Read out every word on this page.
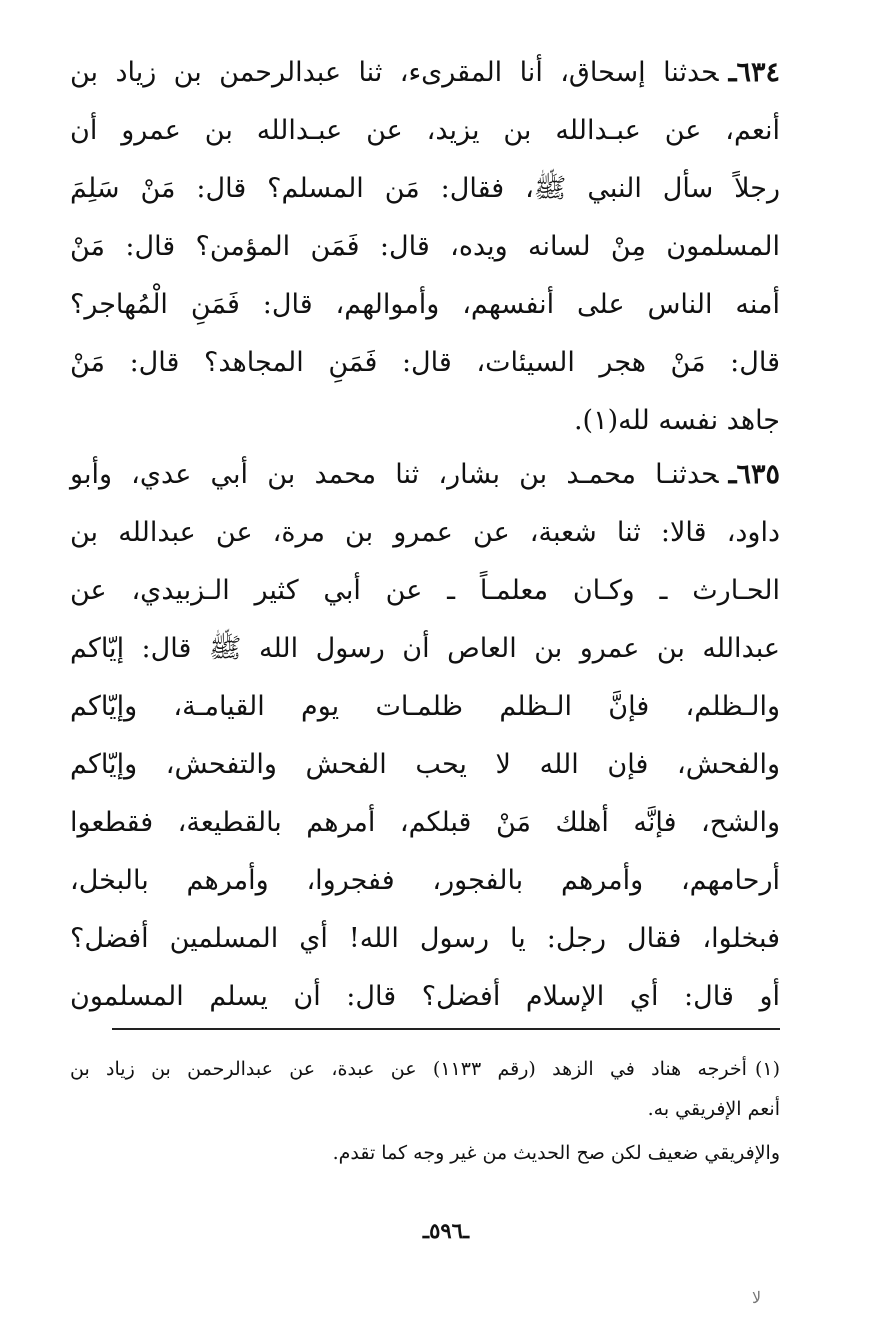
٦٣٤ـحدثنا إسحاق، أنا المقرىء، ثنا عبدالرحمن بن زياد بن
أنعم، عن عبـدالله بن يزيد، عن عبـدالله بن عمرو أن
رجلاً سأل النبي ﷺ، فقال: مَن المسلم؟ قال: مَنْ سَلِمَ
المسلمون مِنْ لسانه ويده، قال: فَمَن المؤمن؟ قال: مَنْ
أمنه الناس على أنفسهم، وأموالهم، قال: فَمَنِ الْمُهاجر؟
قال: مَنْ هجر السيئات، قال: فَمَنِ المجاهد؟ قال: مَنْ
جاهد نفسه لله(١).
٦٣٥ـحدثنـا محمـد بن بشار، ثنا محمد بن أبي عدي، وأبو
داود، قالا: ثنا شعبة، عن عمرو بن مرة، عن عبدالله بن
الحـارث ـ وكـان معلمـاً ـ عن أبي كثير الـزبيدي، عن
عبدالله بن عمرو بن العاص أن رسول الله ﷺ قال: إيّاكم
والـظلم، فإنَّ الـظلم ظلمـات يوم القيامـة، وإيّاكم
والفحش، فإن الله لا يحب الفحش والتفحش، وإيّاكم
والشح، فإنَّه أهلك مَنْ قبلكم، أمرهم بالقطيعة، فقطعوا
أرحامهم، وأمرهم بالفجور، ففجروا، وأمرهم بالبخل،
فبخلوا، فقال رجل: يا رسول الله! أي المسلمين أفضل؟
أو قال: أي الإسلام أفضل؟ قال: أن يسلم المسلمون
(١)أخرجه هناد في الزهد (رقم ١١٣٣) عن عبدة، عن عبدالرحمن بن زياد بن
أنعم الإفريقي به.
والإفريقي ضعيف لكن صح الحديث من غير وجه كما تقدم.
ـ٥٩٦ـ
ﻻ
